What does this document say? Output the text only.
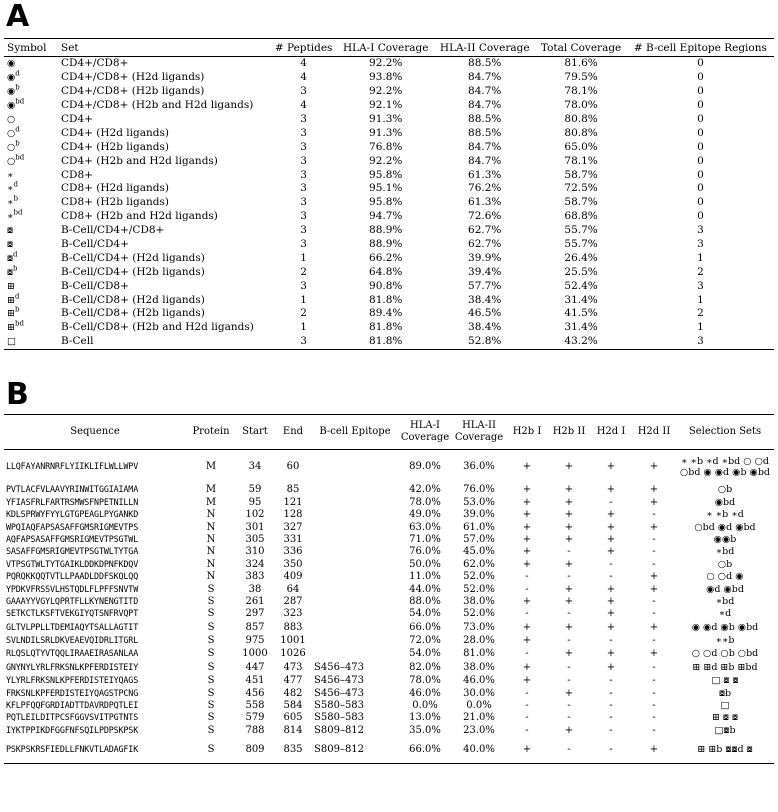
A
Symbol	Set	# Peptides	HLA-I Coverage	HLA-II Coverage	Total Coverage	# B-cell Epitope Regions
◉	CD4+/CD8+	4	92.2%	88.5%	81.6%	0
◉$^d$	CD4+/CD8+ (H2d ligands)	4	93.8%	84.7%	79.5%	0
◉$^b$	CD4+/CD8+ (H2b ligands)	3	92.2%	84.7%	78.1%	0
◉$^{bd}$	CD4+/CD8+ (H2b and H2d ligands)	4	92.1%	84.7%	78.0%	0
○	CD4+	3	91.3%	88.5%	80.8%	0
○$^d$	CD4+ (H2d ligands)	3	91.3%	88.5%	80.8%	0
○$^b$	CD4+ (H2b ligands)	3	76.8%	84.7%	65.0%	0
○$^{bd}$	CD4+ (H2b and H2d ligands)	3	92.2%	84.7%	78.1%	0
∗	CD8+	3	95.8%	61.3%	58.7%	0
∗$^d$	CD8+ (H2d ligands)	3	95.1%	76.2%	72.5%	0
∗$^b$	CD8+ (H2b ligands)	3	95.8%	61.3%	58.7%	0
∗$^{bd}$	CD8+ (H2b and H2d ligands)	3	94.7%	72.6%	68.8%	0
⧇	B-Cell/CD4+/CD8+	3	88.9%	62.7%	55.7%	3
⧇	B-Cell/CD4+	3	88.9%	62.7%	55.7%	3
⧇$^d$	B-Cell/CD4+ (H2d ligands)	1	66.2%	39.9%	26.4%	1
⧇$^b$	B-Cell/CD4+ (H2b ligands)	2	64.8%	39.4%	25.5%	2
⊞	B-Cell/CD8+	3	90.8%	57.7%	52.4%	3
⊞$^d$	B-Cell/CD8+ (H2d ligands)	1	81.8%	38.4%	31.4%	1
⊞$^b$	B-Cell/CD8+ (H2b ligands)	2	89.4%	46.5%	41.5%	2
⊞$^{bd}$	B-Cell/CD8+ (H2b and H2d ligands)	1	81.8%	38.4%	31.4%	1
□	B-Cell	3	81.8%	52.8%	43.2%	3
B
Sequence	Protein	Start	End	B-cell Epitope	HLA-I Coverage	HLA-II Coverage	H2b I	H2b II	H2d I	H2d II	Selection Sets
LLQFAYANRNRFLYIIKLIFLWLLWPV	M	34	60		89.0%	36.0%	+	+	+	+	∗ ∗b ∗d ∗bd ○ ○d ○bd ◉ ◉d ◉b ◉bd
PVTLACFVLAAVYRINWITGGIAIAMA	M	59	85		42.0%	76.0%	+	+	+	+	○b
YFIASFRLFARTRSMWSFNPETNILLN	M	95	121		78.0%	53.0%	+	+	-	+	◉bd
KDLSPRWYFYYLGTGPEAGLPYGANKD	N	102	128		49.0%	39.0%	+	+	+	-	∗ ∗b ∗d
WPQIAQFAPSASAFFGMSRIGMEVTPS	N	301	327		63.0%	61.0%	+	+	+	+	○bd ◉d ◉bd
AQFAPSASAFFGMSRIGMEVTPSGTWL	N	305	331		71.0%	57.0%	+	+	+	-	◉◉b
SASAFFGMSRIGMEVTPSGTWLTYTGA	N	310	336		76.0%	45.0%	+	-	+	-	∗bd
VTPSGTWLTYTGAIKLDDKDPNFKDQV	N	324	350		50.0%	62.0%	+	+	-	-	○b
PQRQKKQQTVTLLPAADLDDFSKQLQQ	N	383	409		11.0%	52.0%	-	-	-	+	○ ○d ◉
YPDKVFRSSVLHSTQDLFLPFFSNVTW	S	38	64		44.0%	52.0%	-	+	+	+	◉d ◉bd
GAAAYYVGYLQPRTFLLKYNENGTITD	S	261	287		88.0%	38.0%	+	+	+	-	∗bd
SETKCTLKSFTVEKGIYQTSNFRVQPT	S	297	323		54.0%	52.0%	-	-	+	-	∗d
GLTVLPPLLTDEMIAQYTSALLAGTIT	S	857	883		66.0%	73.0%	+	+	+	+	◉ ◉d ◉b ◉bd
SVLNDILSRLDKVEAEVQIDRLITGRL	S	975	1001		72.0%	28.0%	+	-	-	-	∗∗b
RLQSLQTYVTQQLIRAAEIRASANLAA	S	1000	1026		54.0%	81.0%	-	+	+	+	○ ○d ○b ○bd
GNYNYLYRLFRKSNLKPFERDISTEIY	S	447	473	S456–473	82.0%	38.0%	+	-	+	-	⊞ ⊞d ⊞b ⊞bd
YLYRLFRKSNLKPFERDISTEIYQAGS	S	451	477	S456–473	78.0%	46.0%	+	-	-	-	□ ⧇ ⧇
FRKSNLKPFERDISTEIYQAGSTPCNG	S	456	482	S456–473	46.0%	30.0%	-	+	-	-	⧇b
KFLPFQQFGRDIADTTDAVRDPQTLEI	S	558	584	S580–583	0.0%	0.0%	-	-	-	-	□
PQTLEILDITPCSFGGVSVITPGTNTS	S	579	605	S580–583	13.0%	21.0%	-	-	-	-	⊞ ⧇ ⧇
IYKTPPIKDFGGFNFSQILPDPSKPSK	S	788	814	S809–812	35.0%	23.0%	-	+	-	-	□⧇b
PSKPSKRSFIEDLLFNKVTLADAGFIK	S	809	835	S809–812	66.0%	40.0%	+	-	-	+	⊞ ⊞b ⧇⧇d ⧇
